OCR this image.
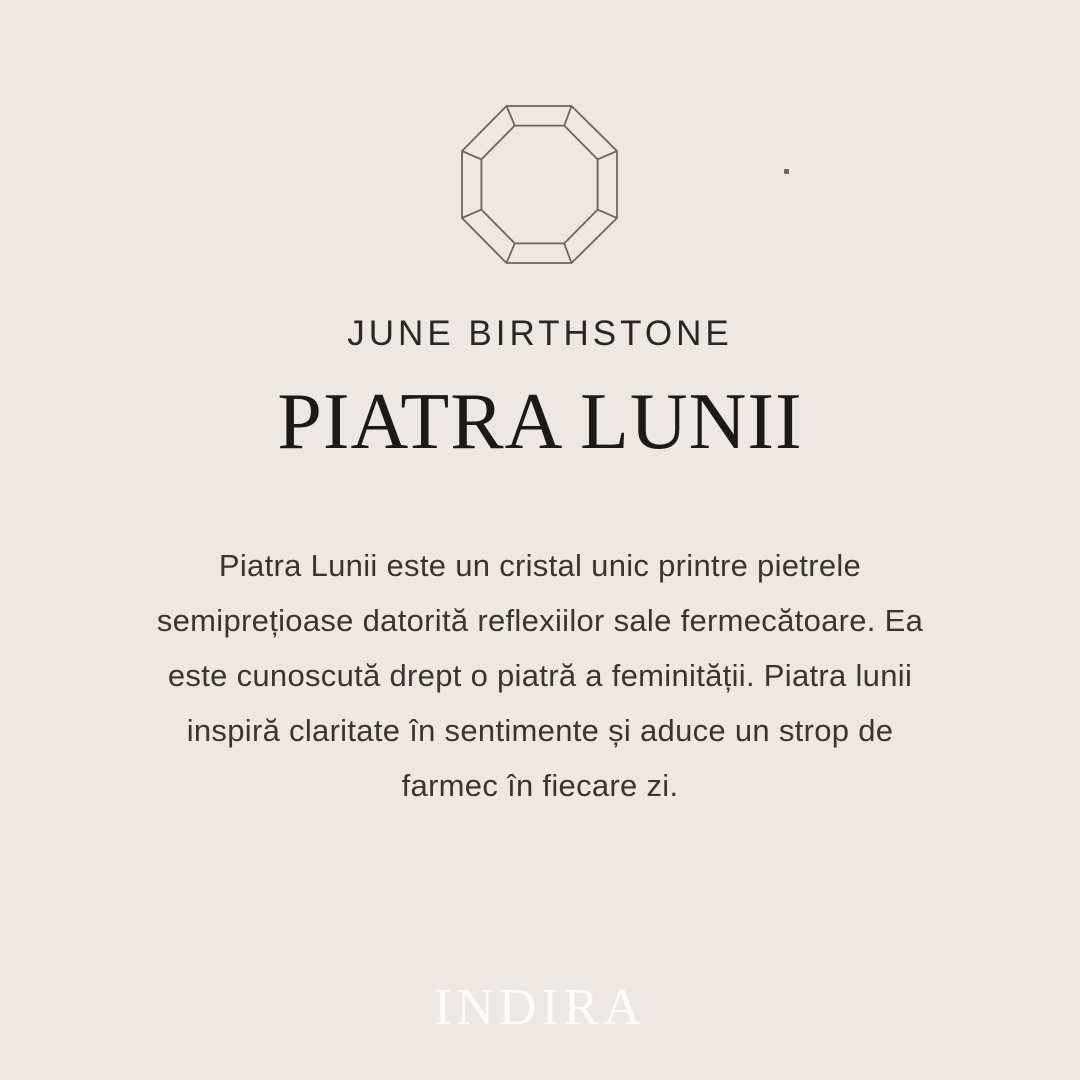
JUNE BIRTHSTONE
PIATRA LUNII
Piatra Lunii este un cristal unic printre pietrele
semiprețioase datorită reflexiilor sale fermecătoare. Ea
este cunoscută drept o piatră a feminității. Piatra lunii
inspiră claritate în sentimente și aduce un strop de
farmec în fiecare zi.
INDIRA
